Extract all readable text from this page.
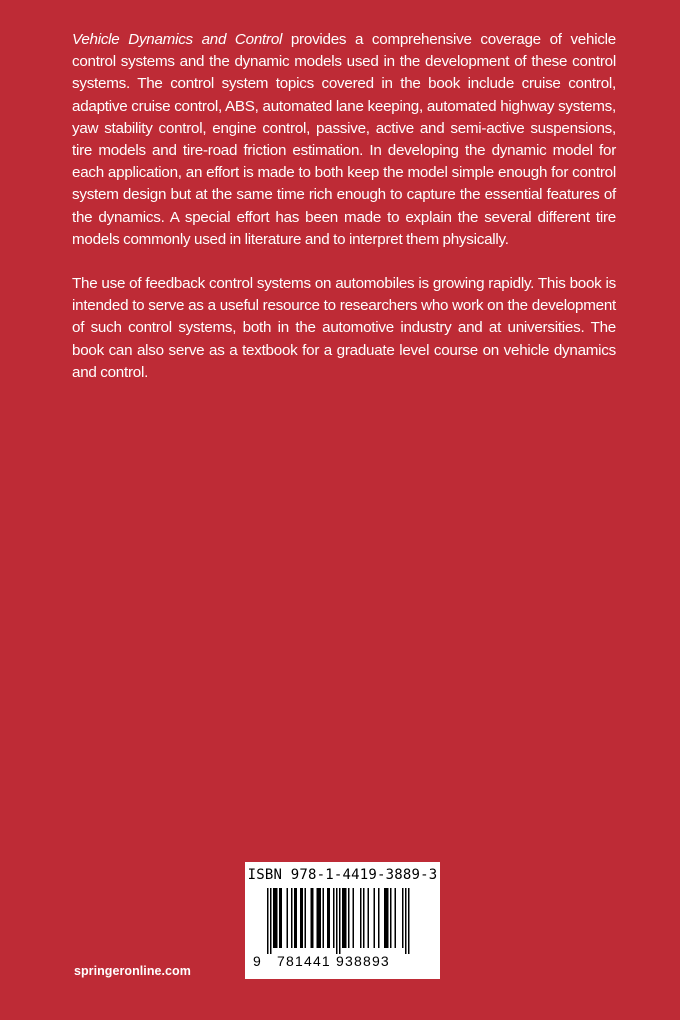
Vehicle Dynamics and Control provides a comprehensive coverage of vehicle control systems and the dynamic models used in the development of these control systems. The control system topics covered in the book include cruise control, adaptive cruise control, ABS, automated lane keeping, automated highway systems, yaw stability control, engine control, passive, active and semi-active suspensions, tire models and tire-road friction estimation. In developing the dynamic model for each application, an effort is made to both keep the model simple enough for control system design but at the same time rich enough to capture the essential features of the dynamics. A special effort has been made to explain the several different tire models commonly used in literature and to interpret them physically.

The use of feedback control systems on automobiles is growing rapidly. This book is intended to serve as a useful resource to researchers who work on the development of such control systems, both in the automotive industry and at universities. The book can also serve as a textbook for a graduate level course on vehicle dynamics and control.

springeronline.com
ISBN 978-1-4419-3889-3
9 781441 938893
